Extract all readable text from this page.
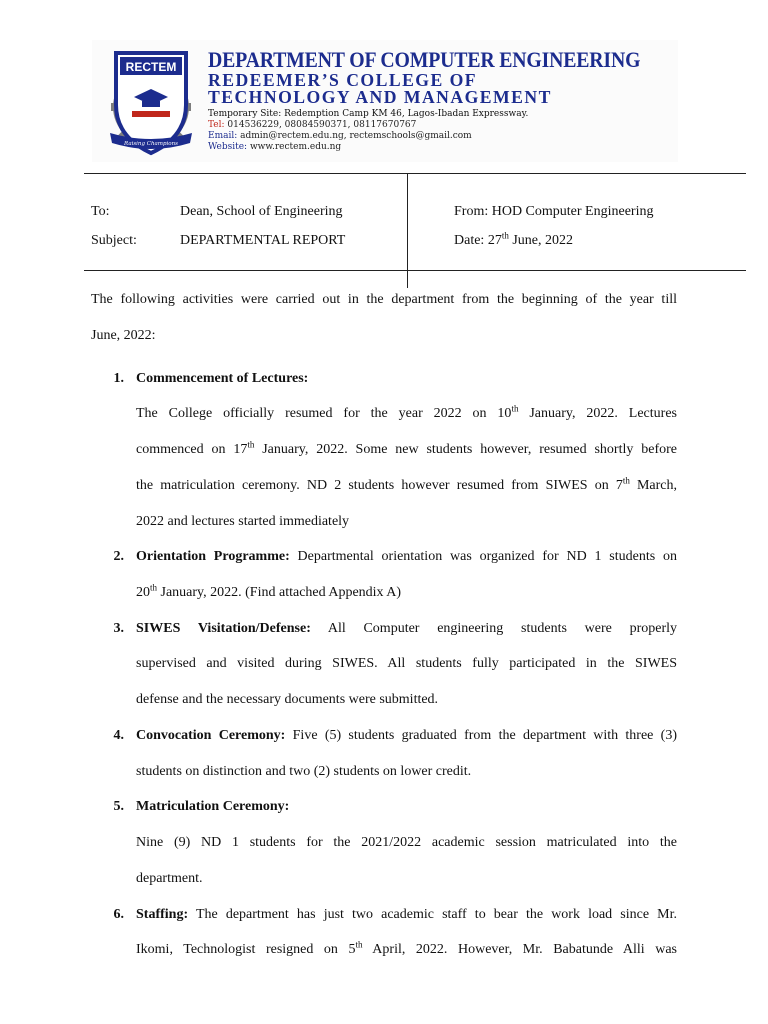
RECTEM
Raising Champions
DEPARTMENT OF COMPUTER ENGINEERING
REDEEMER’S COLLEGE OF
TECHNOLOGY AND MANAGEMENT
Temporary Site: Redemption Camp KM 46, Lagos-Ibadan Expressway.
Tel: 014536229, 08084590371, 08117670767
Email: admin@rectem.edu.ng, rectemschools@gmail.com
Website: www.rectem.edu.ng
To:	Dean, School of Engineering
Subject:	DEPARTMENTAL REPORT
From: HOD Computer Engineering
Date: 27th June, 2022
The following activities were carried out in the department from the beginning of the year till
June, 2022:
1. Commencement of Lectures:
The College officially resumed for the year 2022 on 10th January, 2022. Lectures
commenced on 17th January, 2022. Some new students however, resumed shortly before
the matriculation ceremony. ND 2 students however resumed from SIWES on 7th March,
2022 and lectures started immediately
2. Orientation Programme: Departmental orientation was organized for ND 1 students on
20th January, 2022. (Find attached Appendix A)
3. SIWES Visitation/Defense: All Computer engineering students were properly
supervised and visited during SIWES. All students fully participated in the SIWES
defense and the necessary documents were submitted.
4. Convocation Ceremony: Five (5) students graduated from the department with three (3)
students on distinction and two (2) students on lower credit.
5. Matriculation Ceremony:
Nine (9) ND 1 students for the 2021/2022 academic session matriculated into the
department.
6. Staffing: The department has just two academic staff to bear the work load since Mr.
Ikomi, Technologist resigned on 5th April, 2022. However, Mr. Babatunde Alli was
